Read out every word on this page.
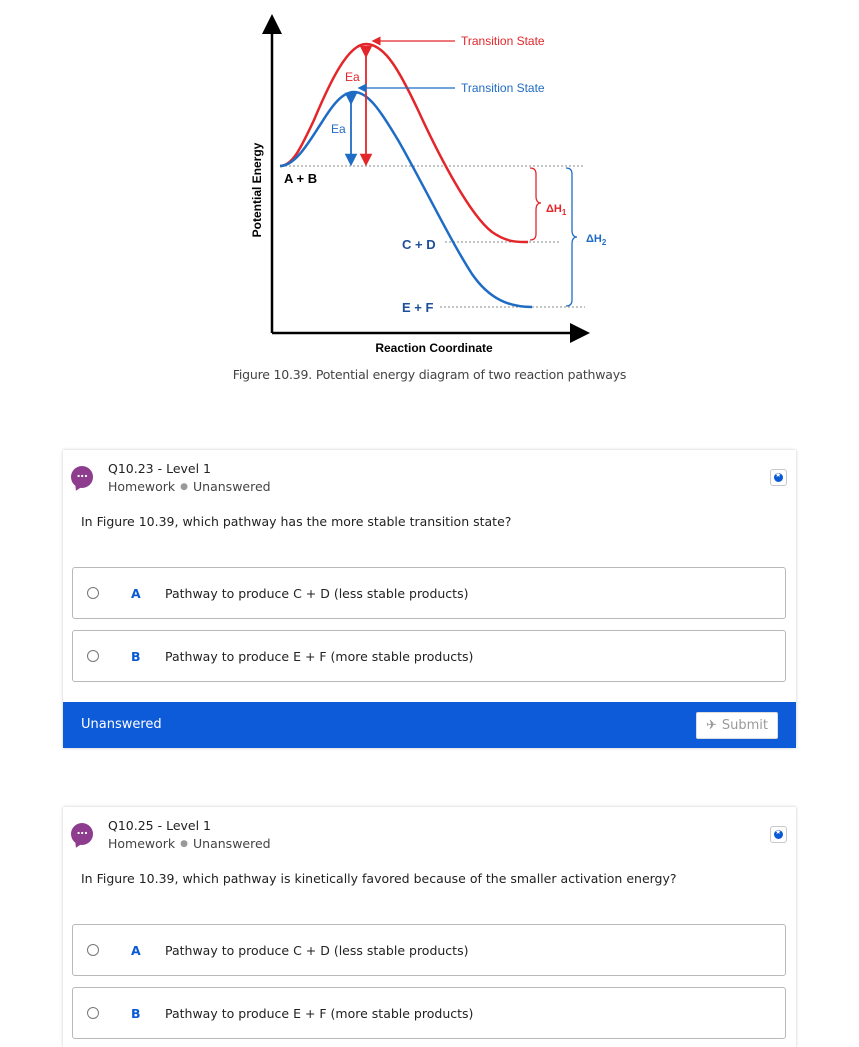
Potential Energy
Reaction Coordinate
A + B
C + D
E + F
Transition State
Transition State
Ea
Ea
$\Delta H_1$
$\Delta H_2$
Figure 10.39. Potential energy diagram of two reaction pathways
...	Q10.23 - Level 1
Homework ● Unanswered
★
In Figure 10.39, which pathway has the more stable transition state?
A Pathway to produce C + D (less stable products)
B Pathway to produce E + F (more stable products)
Unanswered	✈ Submit
...	Q10.25 - Level 1
Homework ● Unanswered
★
In Figure 10.39, which pathway is kinetically favored because of the smaller activation energy?
A Pathway to produce C + D (less stable products)
B Pathway to produce E + F (more stable products)
